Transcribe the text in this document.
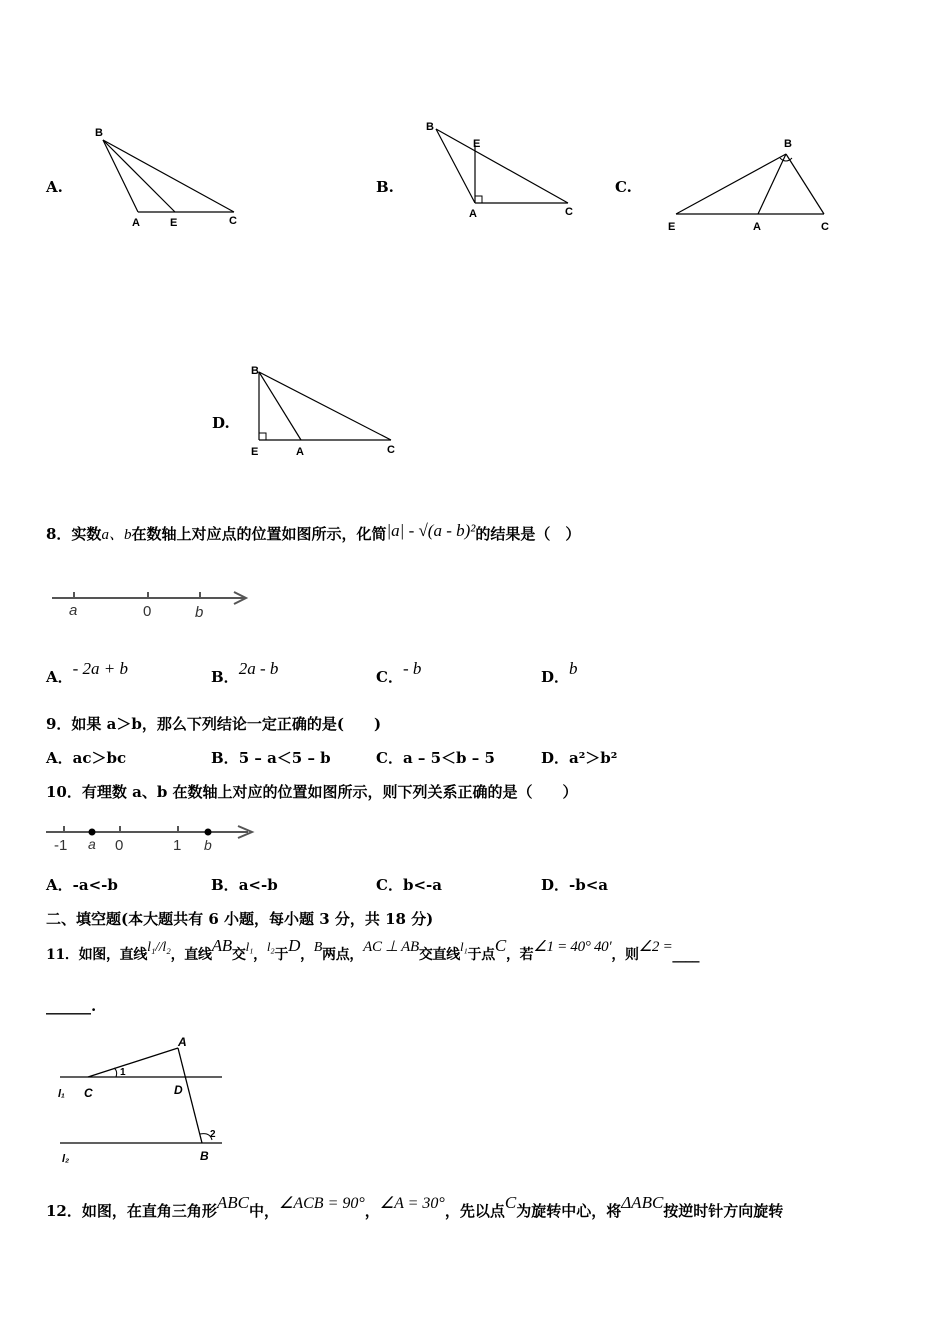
A.
B
A	E	C
B.
B
E
A	C
C.
B
E	A	C
D.
B
E	A	C
8．实数a、b在数轴上对应点的位置如图所示，化简|a| - √(a - b)²的结果是（　）
a	0	b
A．- 2a + b	B．2a - b	C．- b	D．b
9．如果 a＞b，那么下列结论一定正确的是(　　)
A．ac＞bc	B．5 – a＜5 – b	C．a – 5＜b – 5	D．a²＞b²
10．有理数 a、b 在数轴上对应的位置如图所示，则下列关系正确的是（　　）
-1 a 0	1 b
A．-a<-b	B．a<-b	C．b<-a	D．-b<a
二、填空题(本大题共有 6 小题，每小题 3 分，共 18 分)
11．如图，直线l₁//l₂，直线AB交l₁，l₂于D，B两点，AC ⊥ AB交直线l₁于点C，若∠1 = 40° 40′，则∠2 =____
______.
A
C	D
B
l₁
l₂
1
2
12．如图，在直角三角形ABC中，∠ACB = 90°，∠A = 30°，先以点C为旋转中心，将ΔABC按逆时针方向旋转
